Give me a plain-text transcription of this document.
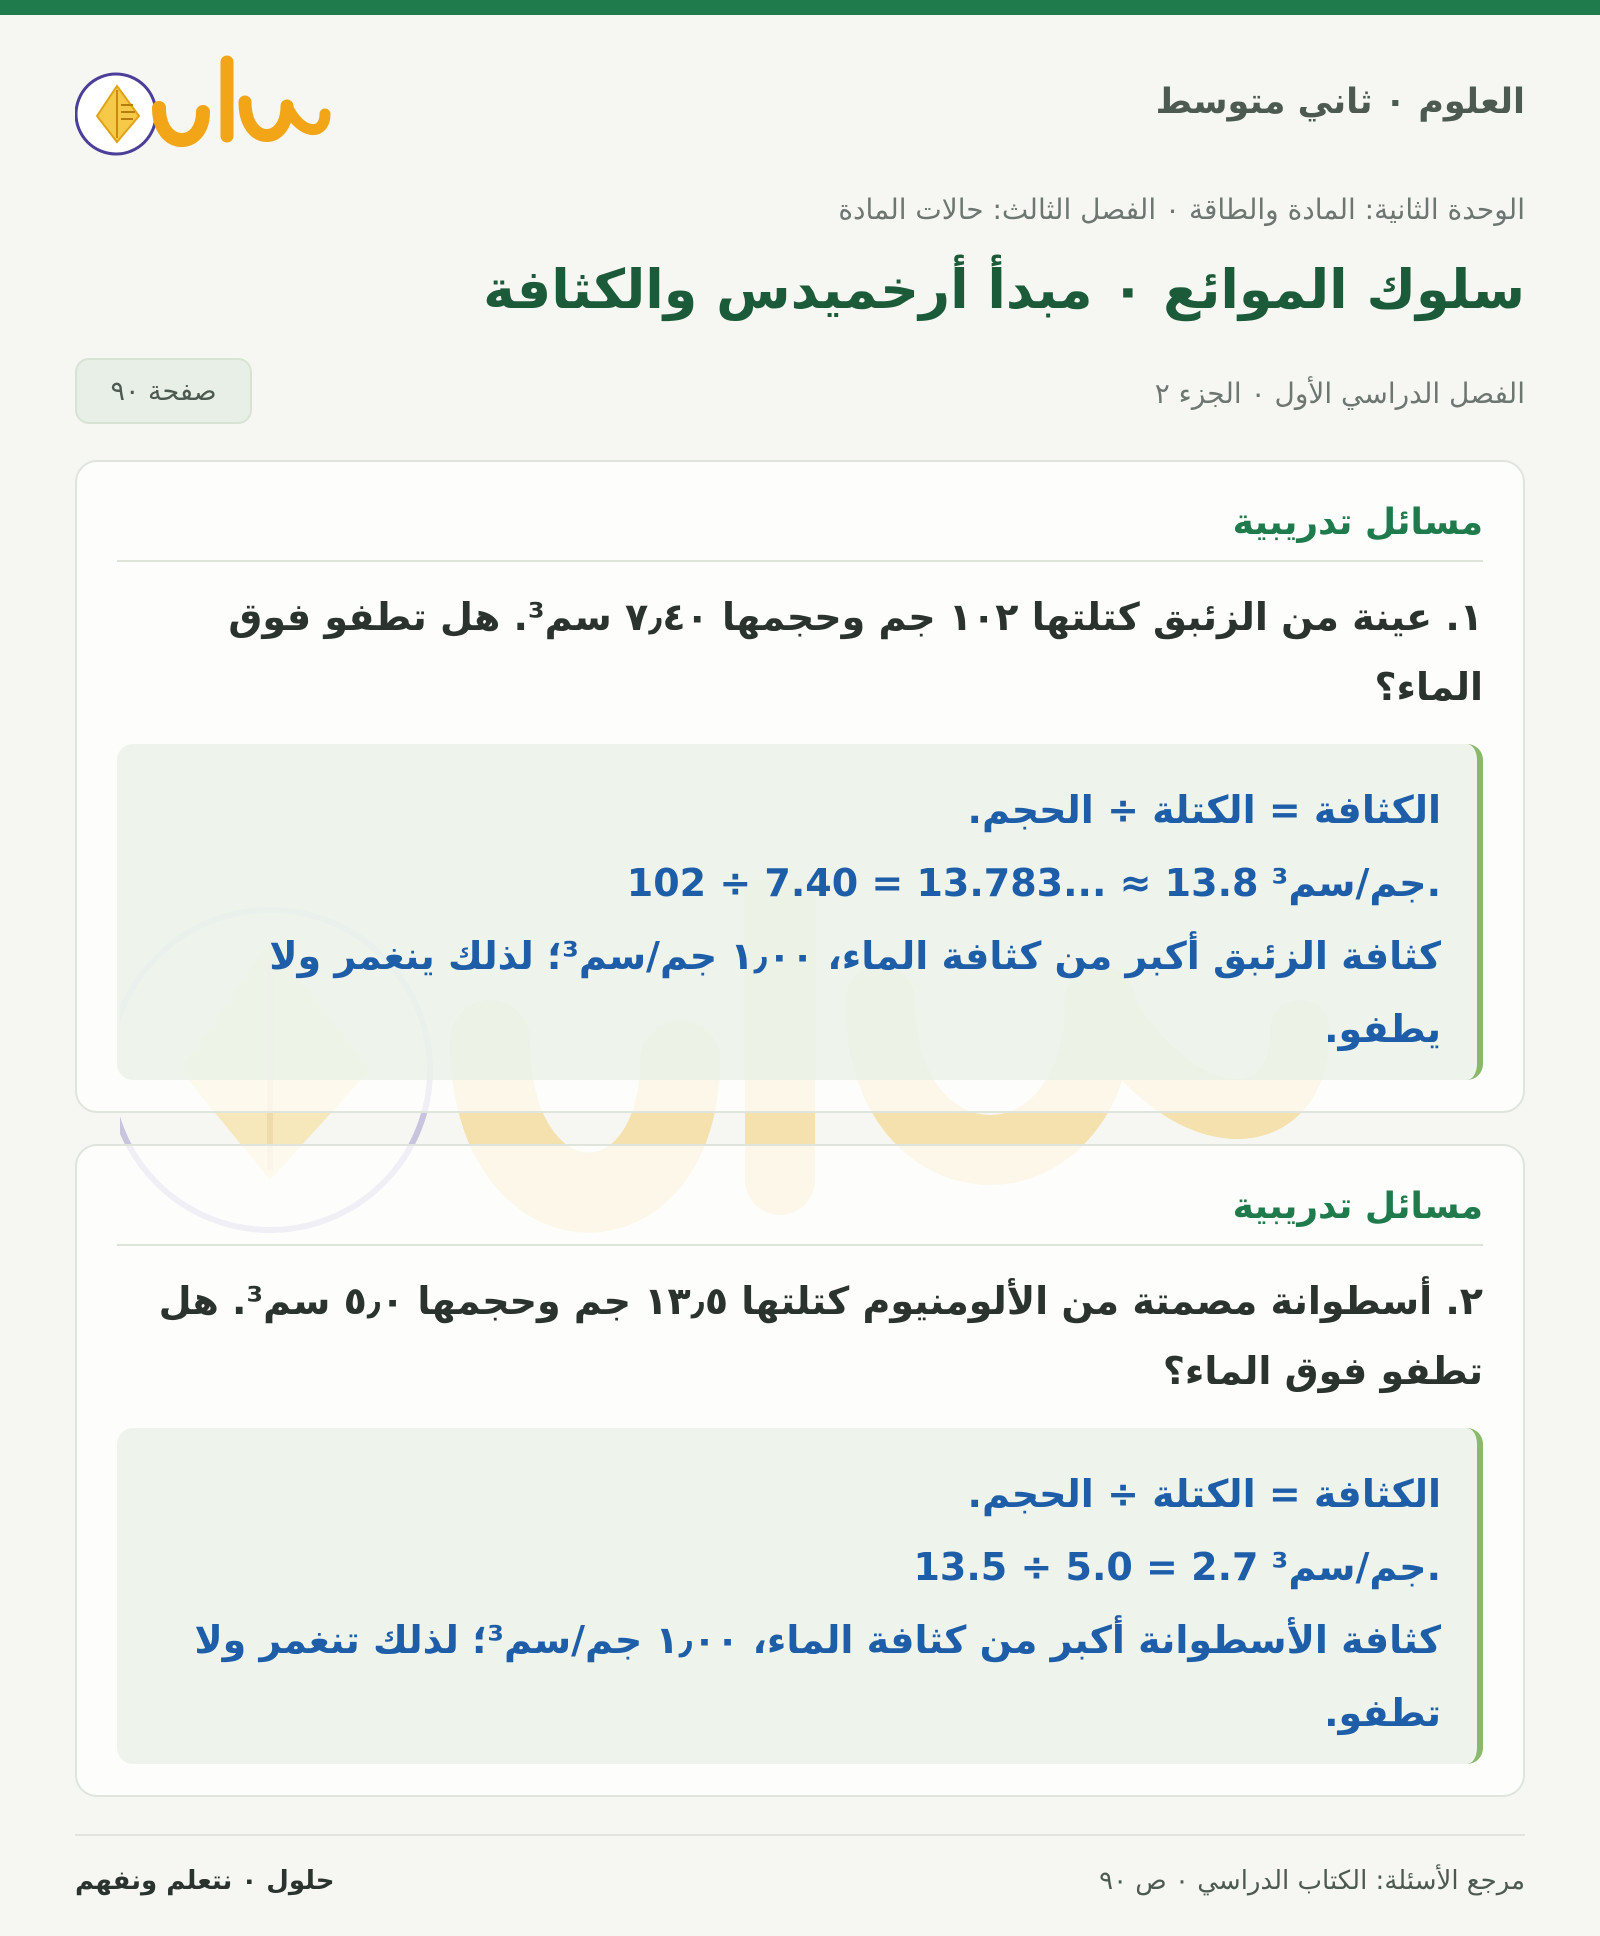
العلوم ٠ ثاني متوسط
حلول
الوحدة الثانية: المادة والطاقة ٠ الفصل الثالث: حالات المادة
سلوك الموائع ٠ مبدأ أرخميدس والكثافة
الفصل الدراسي الأول ٠ الجزء ٢
صفحة ٩٠
مسائل تدريبية
١. عينة من الزئبق كتلتها ١٠٢ جم وحجمها ٧٫٤٠ سم³. هل تطفو فوق الماء؟
الكثافة = الكتلة ÷ الحجم.
102 ÷ 7.40 = 13.783... ≈ 13.8 جم/سم³.
كثافة الزئبق أكبر من كثافة الماء، ١٫٠٠ جم/سم³؛ لذلك ينغمر ولا يطفو.
مسائل تدريبية
٢. أسطوانة مصمتة من الألومنيوم كتلتها ١٣٫٥ جم وحجمها ٥٫٠ سم³. هل تطفو فوق الماء؟
الكثافة = الكتلة ÷ الحجم.
13.5 ÷ 5.0 = 2.7 جم/سم³.
كثافة الأسطوانة أكبر من كثافة الماء، ١٫٠٠ جم/سم³؛ لذلك تنغمر ولا تطفو.
مرجع الأسئلة: الكتاب الدراسي ٠ ص ٩٠
حلول ٠ نتعلم ونفهم
